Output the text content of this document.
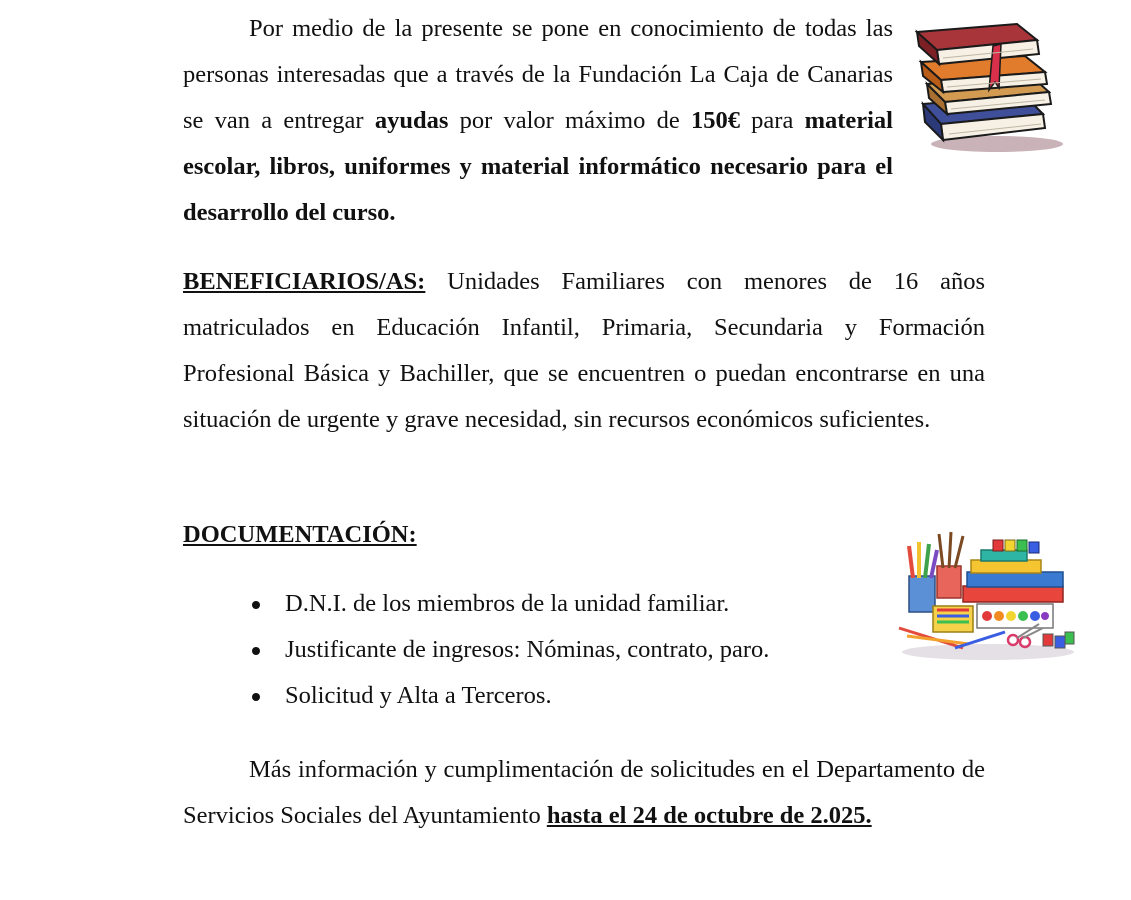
Por medio de la presente se pone en conocimiento de todas las personas interesadas que a través de la Fundación La Caja de Canarias se van a entregar ayudas por valor máximo de 150€ para material escolar, libros, uniformes y material informático necesario para el desarrollo del curso.

BENEFICIARIOS/AS: Unidades Familiares con menores de 16 años matriculados en Educación Infantil, Primaria, Secundaria y Formación Profesional Básica y Bachiller, que se encuentren o puedan encontrarse en una situación de urgente y grave necesidad, sin recursos económicos suficientes.

DOCUMENTACIÓN:

D.N.I. de los miembros de la unidad familiar.
Justificante de ingresos: Nóminas, contrato, paro.
Solicitud y Alta a Terceros.

Más información y cumplimentación de solicitudes en el Departamento de Servicios Sociales del Ayuntamiento hasta el 24 de octubre de 2.025.
